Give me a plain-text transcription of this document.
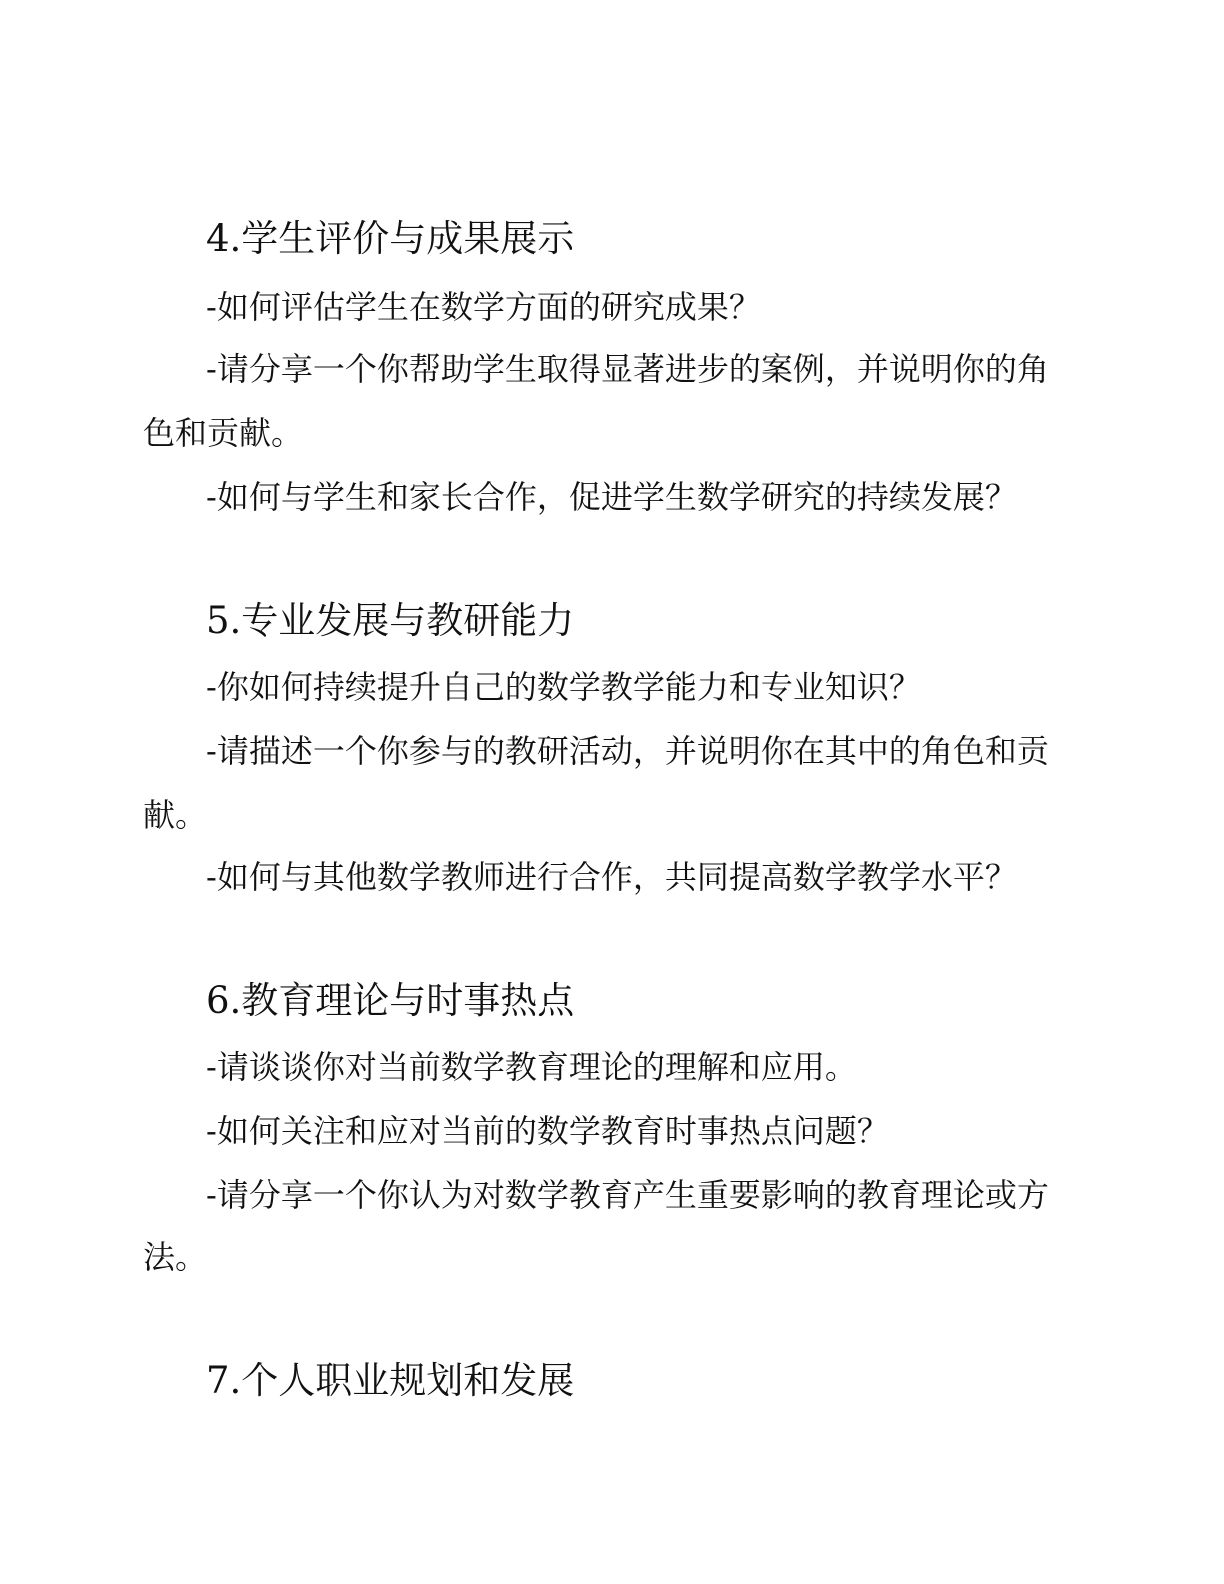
4.学生评价与成果展示
-如何评估学生在数学方面的研究成果？
-请分享一个你帮助学生取得显著进步的案例，并说明你的角
色和贡献。
-如何与学生和家长合作，促进学生数学研究的持续发展？
5.专业发展与教研能力
-你如何持续提升自己的数学教学能力和专业知识？
-请描述一个你参与的教研活动，并说明你在其中的角色和贡
献。
-如何与其他数学教师进行合作，共同提高数学教学水平？
6.教育理论与时事热点
-请谈谈你对当前数学教育理论的理解和应用。
-如何关注和应对当前的数学教育时事热点问题？
-请分享一个你认为对数学教育产生重要影响的教育理论或方
法。
7.个人职业规划和发展
